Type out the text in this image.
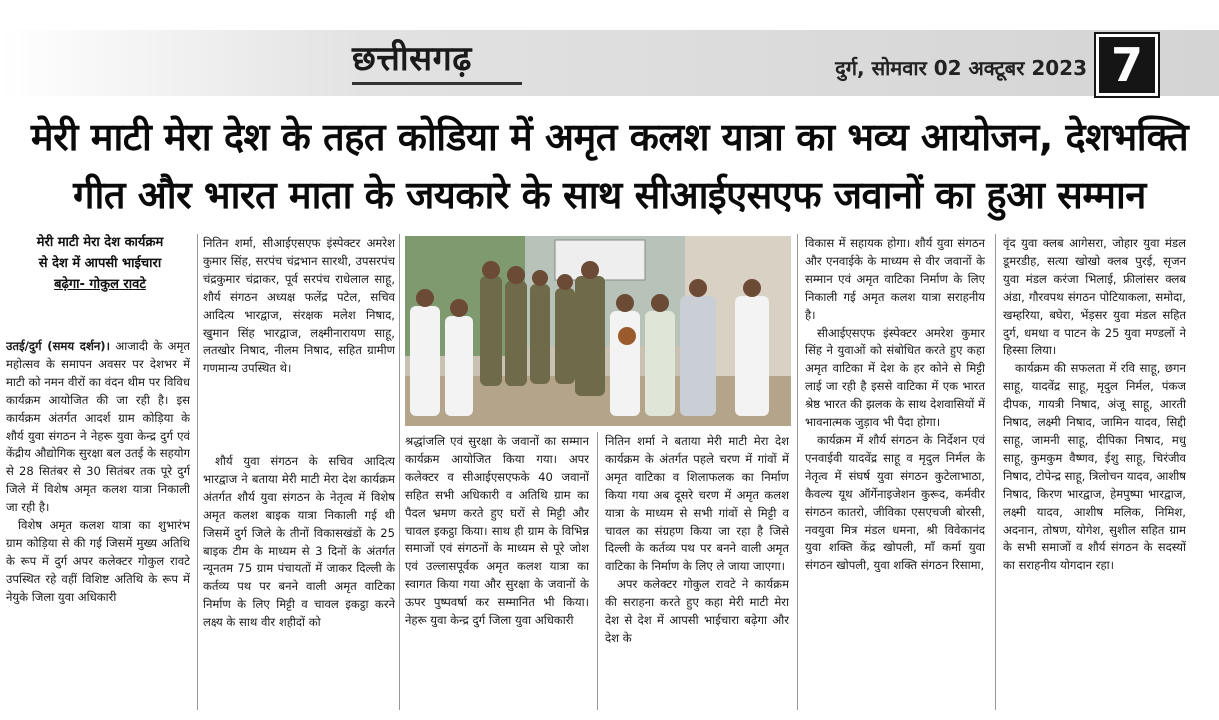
छत्तीसगढ़	दुर्ग, सोमवार 02 अक्टूबर 2023 7
मेरी माटी मेरा देश के तहत कोडिया में अमृत कलश यात्रा का भव्य आयोजन, देशभक्ति
गीत और भारत माता के जयकारे के साथ सीआईएसएफ जवानों का हुआ सम्मान
मेरी माटी मेरा देश कार्यक्रम
से देश में आपसी भाईचारा
बढ़ेगा- गोकुल रावटे

उतई/दुर्ग (समय दर्शन)। आजादी के अमृत महोत्सव के समापन अवसर पर देशभर में माटी को नमन वीरों का वंदन थीम पर विविध कार्यक्रम आयोजित की जा रही है। इस कार्यक्रम अंतर्गत आदर्श ग्राम कोड़िया के शौर्य युवा संगठन ने नेहरू युवा केन्द्र दुर्ग एवं केंद्रीय औद्योगिक सुरक्षा बल उतई के सहयोग से 28 सितंबर से 30 सितंबर तक पूरे दुर्ग जिले में विशेष अमृत कलश यात्रा निकाली जा रही है।

विशेष अमृत कलश यात्रा का शुभारंभ ग्राम कोड़िया से की गई जिसमें मुख्य अतिथि के रूप में दुर्ग अपर कलेक्टर गोकुल रावटे उपस्थित रहे वहीं विशिष्ट अतिथि के रूप में नेयुके जिला युवा अधिकारी

नितिन शर्मा, सीआईएसएफ इंस्पेक्टर अमरेश कुमार सिंह, सरपंच चंद्रभान सारथी, उपसरपंच चंद्रकुमार चंद्राकर, पूर्व सरपंच राधेलाल साहू, शौर्य संगठन अध्यक्ष फलेंद्र पटेल, सचिव आदित्य भारद्वाज, संरक्षक मलेश निषाद, खुमान सिंह भारद्वाज, लक्ष्मीनारायण साहू, लतखोर निषाद, नीलम निषाद, सहित ग्रामीण गणमान्य उपस्थित थे।

शौर्य युवा संगठन के सचिव आदित्य भारद्वाज ने बताया मेरी माटी मेरा देश कार्यक्रम अंतर्गत शौर्य युवा संगठन के नेतृत्व में विशेष अमृत कलश बाइक यात्रा निकाली गई थी जिसमें दुर्ग जिले के तीनों विकासखंडों के 25 बाइक टीम के माध्यम से 3 दिनों के अंतर्गत न्यूनतम 75 ग्राम पंचायतों में जाकर दिल्ली के कर्तव्य पथ पर बनने वाली अमृत वाटिका निर्माण के लिए मिट्टी व चावल इकट्ठा करने लक्ष्य के साथ वीर शहीदों को

श्रद्धांजलि एवं सुरक्षा के जवानों का सम्मान कार्यक्रम आयोजित किया गया। अपर कलेक्टर व सीआईएसएफके 40 जवानों सहित सभी अधिकारी व अतिथि ग्राम का पैदल भ्रमण करते हुए घरों से मिट्टी और चावल इकट्ठा किया। साथ ही ग्राम के विभिन्न समाजों एवं संगठनों के माध्यम से पूरे जोश एवं उल्लासपूर्वक अमृत कलश यात्रा का स्वागत किया गया और सुरक्षा के जवानों के ऊपर पुष्पवर्षा कर सम्मानित भी किया। नेहरू युवा केन्द्र दुर्ग जिला युवा अधिकारी

नितिन शर्मा ने बताया मेरी माटी मेरा देश कार्यक्रम के अंतर्गत पहले चरण में गांवों में अमृत वाटिका व शिलाफलक का निर्माण किया गया अब दूसरे चरण में अमृत कलश यात्रा के माध्यम से सभी गांवों से मिट्टी व चावल का संग्रहण किया जा रहा है जिसे दिल्ली के कर्तव्य पथ पर बनने वाली अमृत वाटिका के निर्माण के लिए ले जाया जाएगा।

अपर कलेक्टर गोकुल रावटे ने कार्यक्रम की सराहना करते हुए कहा मेरी माटी मेरा देश से देश में आपसी भाईचारा बढ़ेगा और देश के

विकास में सहायक होगा। शौर्य युवा संगठन और एनवाईके के माध्यम से वीर जवानों के सम्मान एवं अमृत वाटिका निर्माण के लिए निकाली गई अमृत कलश यात्रा सराहनीय है।

सीआईएसएफ इंस्पेक्टर अमरेश कुमार सिंह ने युवाओं को संबोधित करते हुए कहा अमृत वाटिका में देश के हर कोने से मिट्टी लाई जा रही है इससे वाटिका में एक भारत श्रेष्ठ भारत की झलक के साथ देशवासियों में भावनात्मक जुड़ाव भी पैदा होगा।

कार्यक्रम में शौर्य संगठन के निर्देशन एवं एनवाईवी यादवेंद्र साहू व मृदुल निर्मल के नेतृत्व में संघर्ष युवा संगठन कुटेलाभाठा, कैवल्य यूथ ऑर्गेनाइजेशन कुरूद, कर्मवीर संगठन कातरो, जीविका एसएचजी बोरसी, नवयुवा मित्र मंडल धमना, श्री विवेकानंद युवा शक्ति केंद्र खोपली, माँ कर्मा युवा संगठन खोपली, युवा शक्ति संगठन रिसामा,

वृंद युवा क्लब आगेसरा, जोहार युवा मंडल डूमरडीह, सत्या खोखो क्लब पुरई, सृजन युवा मंडल करंजा भिलाई, फ्रीलांसर क्लब अंडा, गौरवपथ संगठन पोटियाकला, समोदा, खम्हरिया, बघेरा, भेंड़सर युवा मंडल सहित दुर्ग, धमधा व पाटन के 25 युवा मण्डलों ने हिस्सा लिया।

कार्यक्रम की सफलता में रवि साहू, छगन साहू, यादवेंद्र साहू, मृदुल निर्मल, पंकज दीपक, गायत्री निषाद, अंजू साहू, आरती निषाद, लक्ष्मी निषाद, जामिन यादव, सिद्दी साहू, जामनी साहू, दीपिका निषाद, मधु साहू, कुमकुम वैष्णव, ईशु साहू, चिरंजीव निषाद, टोपेन्द्र साहू, त्रिलोचन यादव, आशीष निषाद, किरण भारद्वाज, हेमपुष्पा भारद्वाज, लक्ष्मी यादव, आशीष मलिक, निमिश, अदनान, तोषण, योगेश, सुशील सहित ग्राम के सभी समाजों व शौर्य संगठन के सदस्यों का सराहनीय योगदान रहा।
